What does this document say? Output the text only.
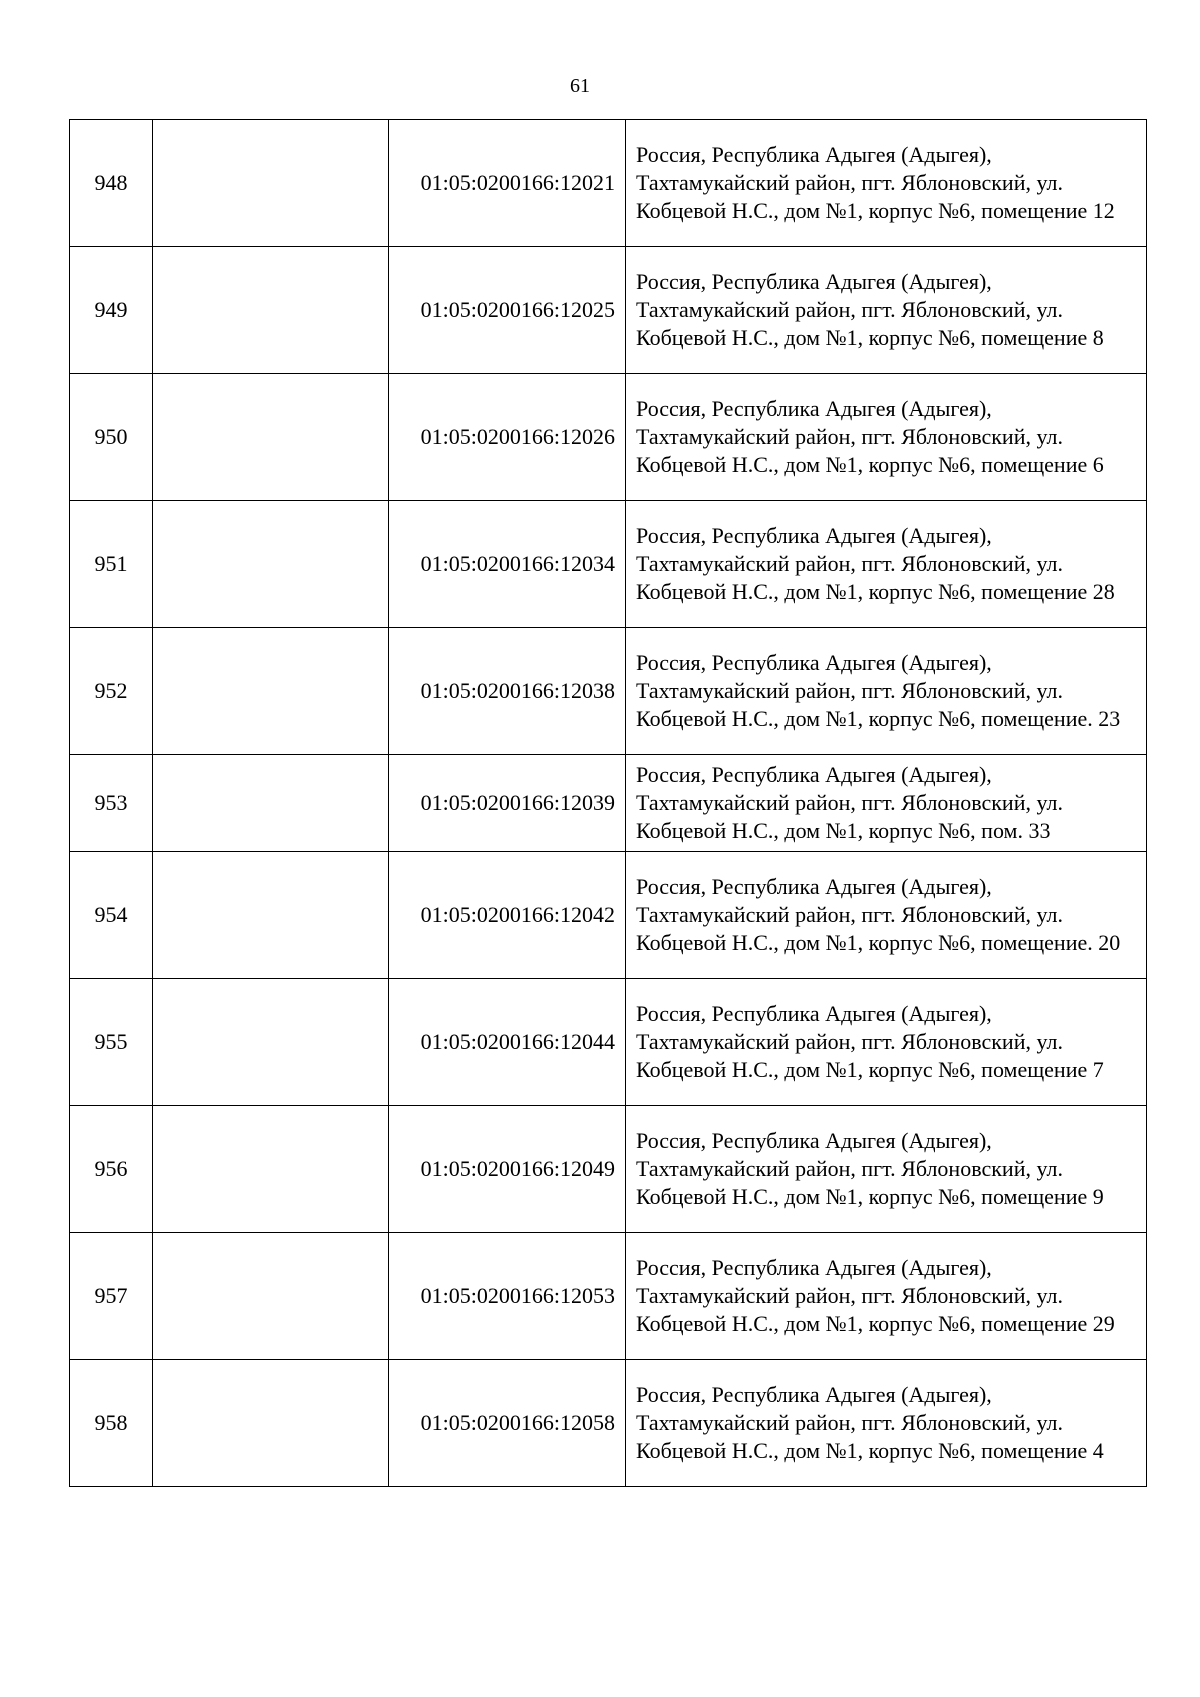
61
948		01:05:0200166:12021	Россия, Республика Адыгея (Адыгея), Тахтамукайский район, пгт. Яблоновский, ул. Кобцевой Н.С., дом №1, корпус №6, помещение 12
949		01:05:0200166:12025	Россия, Республика Адыгея (Адыгея), Тахтамукайский район, пгт. Яблоновский, ул. Кобцевой Н.С., дом №1, корпус №6, помещение 8
950		01:05:0200166:12026	Россия, Республика Адыгея (Адыгея), Тахтамукайский район, пгт. Яблоновский, ул. Кобцевой Н.С., дом №1, корпус №6, помещение 6
951		01:05:0200166:12034	Россия, Республика Адыгея (Адыгея), Тахтамукайский район, пгт. Яблоновский, ул. Кобцевой Н.С., дом №1, корпус №6, помещение 28
952		01:05:0200166:12038	Россия, Республика Адыгея (Адыгея), Тахтамукайский район, пгт. Яблоновский, ул. Кобцевой Н.С., дом №1, корпус №6, помещение. 23
953		01:05:0200166:12039	Россия, Республика Адыгея (Адыгея), Тахтамукайский район, пгт. Яблоновский, ул. Кобцевой Н.С., дом №1, корпус №6, пом. 33
954		01:05:0200166:12042	Россия, Республика Адыгея (Адыгея), Тахтамукайский район, пгт. Яблоновский, ул. Кобцевой Н.С., дом №1, корпус №6, помещение. 20
955		01:05:0200166:12044	Россия, Республика Адыгея (Адыгея), Тахтамукайский район, пгт. Яблоновский, ул. Кобцевой Н.С., дом №1, корпус №6, помещение 7
956		01:05:0200166:12049	Россия, Республика Адыгея (Адыгея), Тахтамукайский район, пгт. Яблоновский, ул. Кобцевой Н.С., дом №1, корпус №6, помещение 9
957		01:05:0200166:12053	Россия, Республика Адыгея (Адыгея), Тахтамукайский район, пгт. Яблоновский, ул. Кобцевой Н.С., дом №1, корпус №6, помещение 29
958		01:05:0200166:12058	Россия, Республика Адыгея (Адыгея), Тахтамукайский район, пгт. Яблоновский, ул. Кобцевой Н.С., дом №1, корпус №6, помещение 4
